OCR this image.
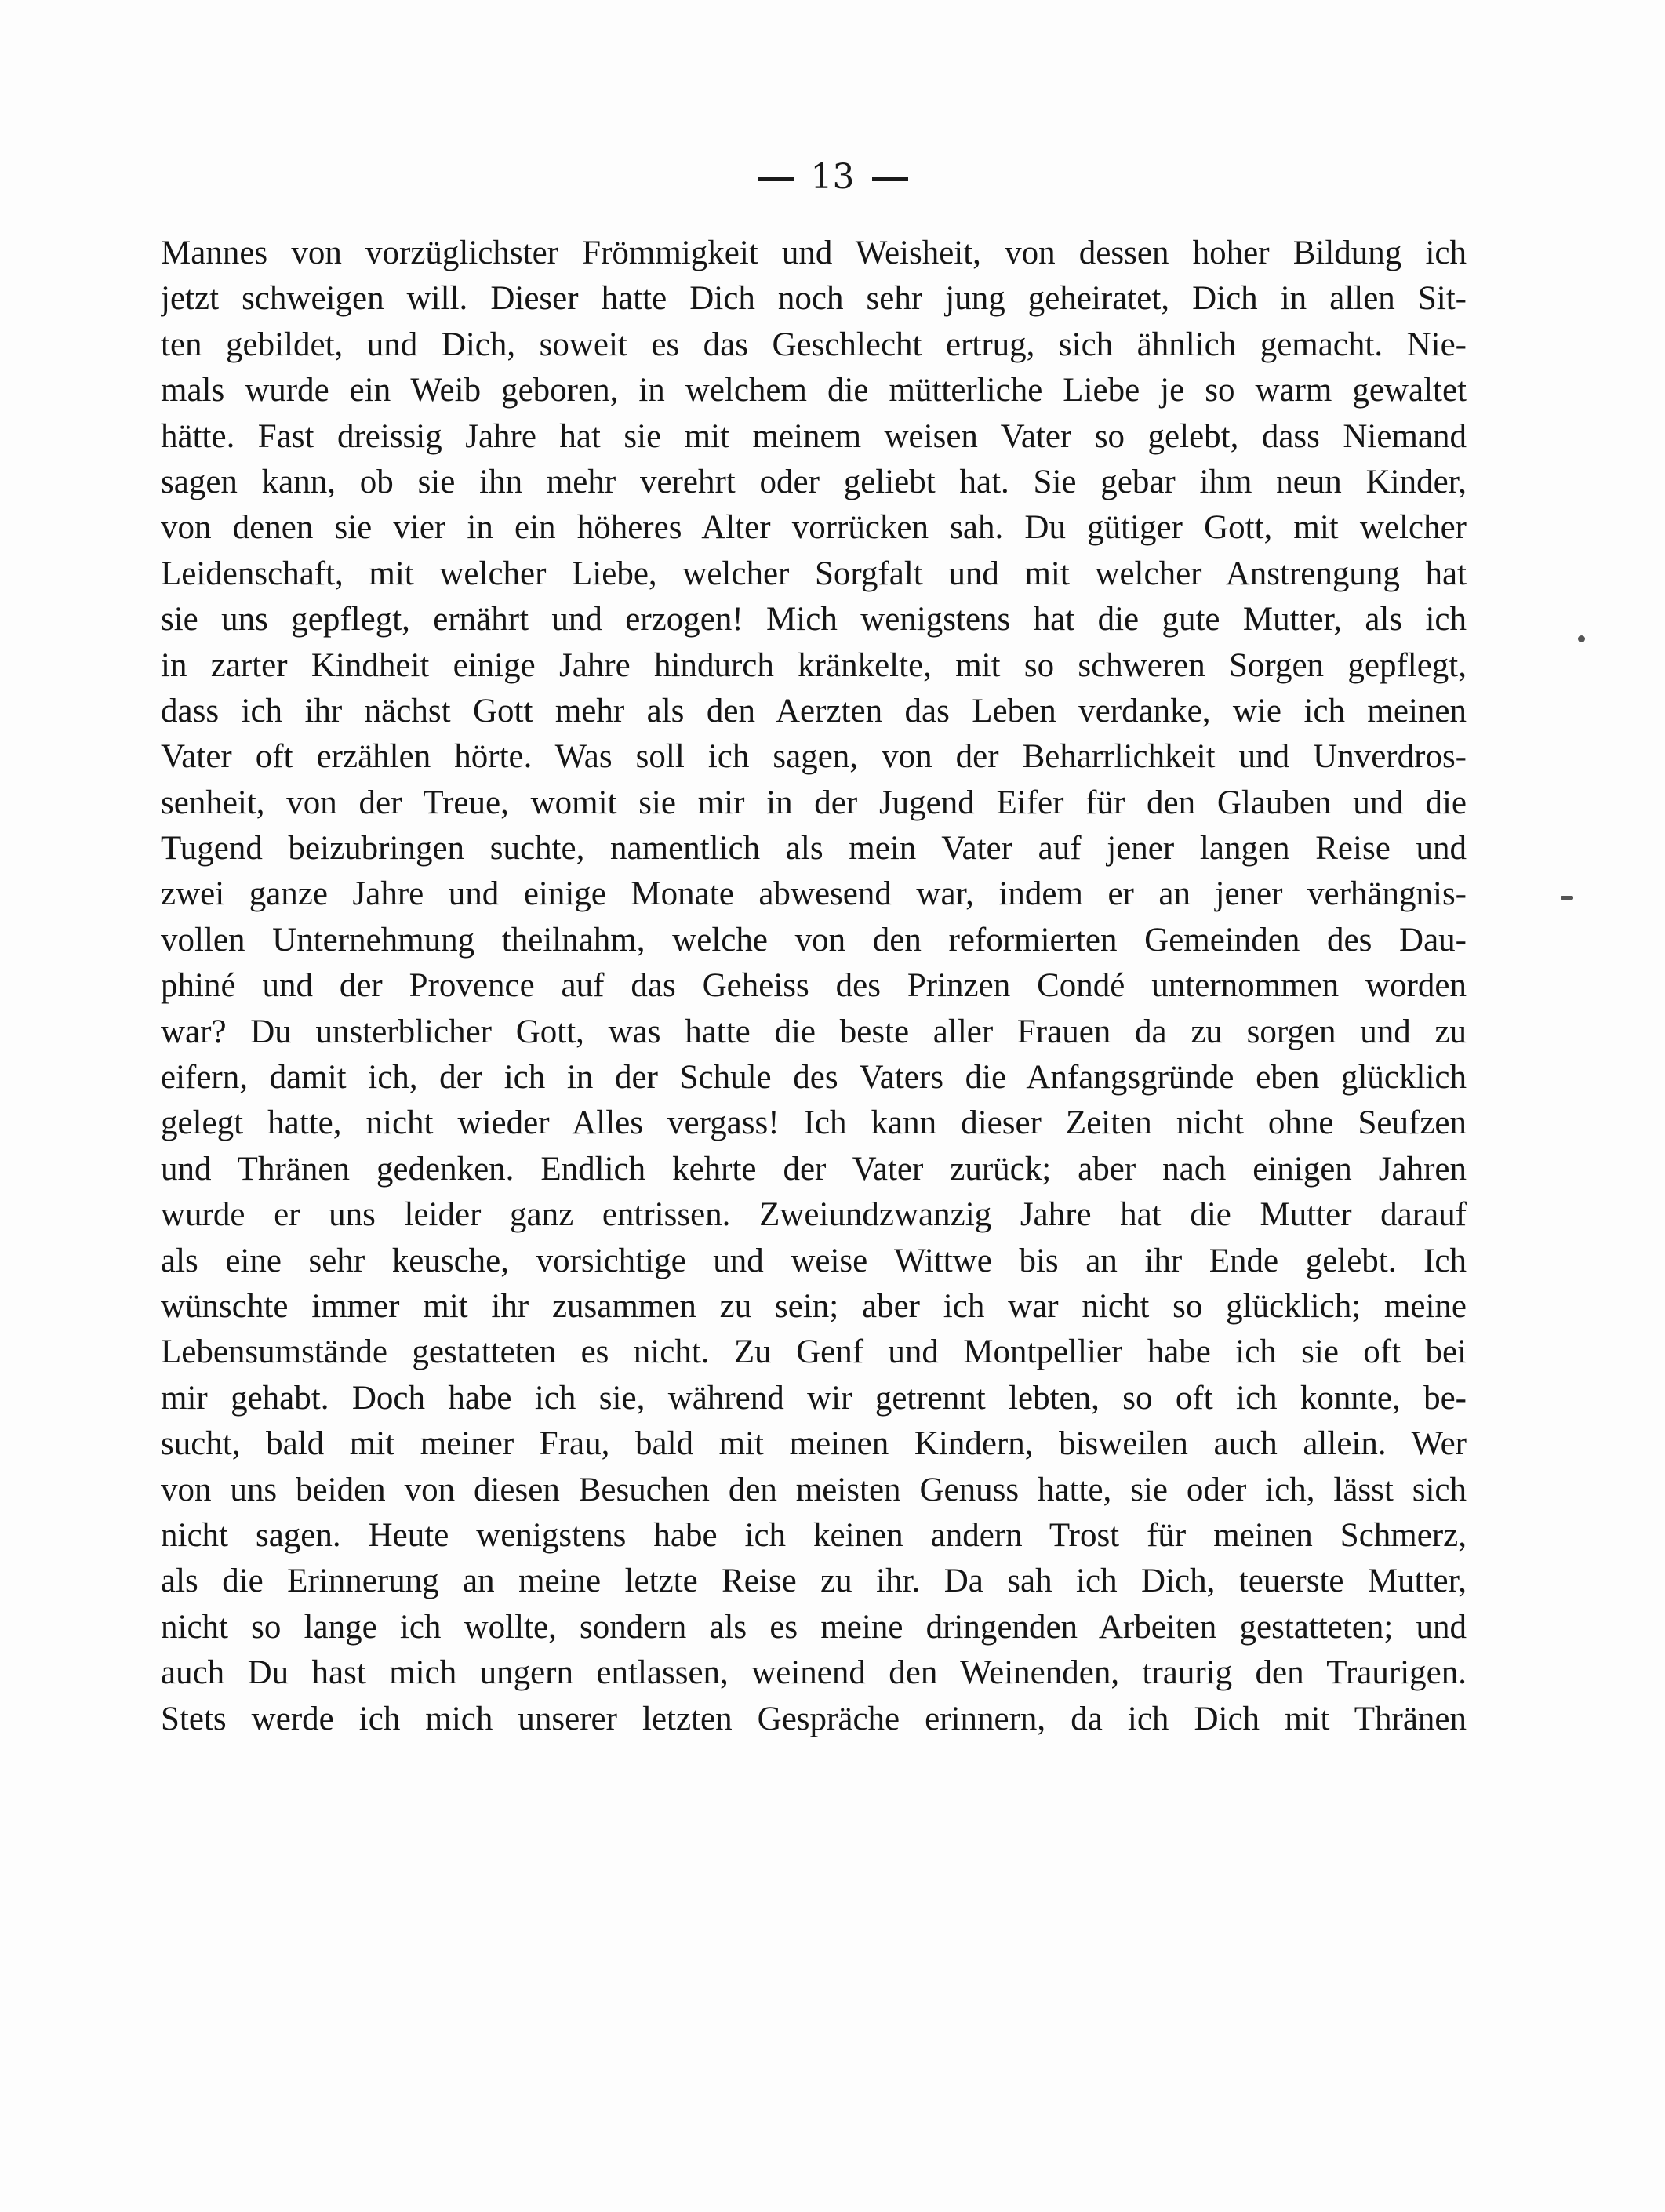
13
Mannes von vorzüglichster Frömmigkeit und Weisheit, von dessen hoher Bildung ich
jetzt schweigen will. Dieser hatte Dich noch sehr jung geheiratet, Dich in allen Sit-
ten gebildet, und Dich, soweit es das Geschlecht ertrug, sich ähnlich gemacht. Nie-
mals wurde ein Weib geboren, in welchem die mütterliche Liebe je so warm gewaltet
hätte. Fast dreissig Jahre hat sie mit meinem weisen Vater so gelebt, dass Niemand
sagen kann, ob sie ihn mehr verehrt oder geliebt hat. Sie gebar ihm neun Kinder,
von denen sie vier in ein höheres Alter vorrücken sah. Du gütiger Gott, mit welcher
Leidenschaft, mit welcher Liebe, welcher Sorgfalt und mit welcher Anstrengung hat
sie uns gepflegt, ernährt und erzogen! Mich wenigstens hat die gute Mutter, als ich
in zarter Kindheit einige Jahre hindurch kränkelte, mit so schweren Sorgen gepflegt,
dass ich ihr nächst Gott mehr als den Aerzten das Leben verdanke, wie ich meinen
Vater oft erzählen hörte. Was soll ich sagen, von der Beharrlichkeit und Unverdros-
senheit, von der Treue, womit sie mir in der Jugend Eifer für den Glauben und die
Tugend beizubringen suchte, namentlich als mein Vater auf jener langen Reise und
zwei ganze Jahre und einige Monate abwesend war, indem er an jener verhängnis-
vollen Unternehmung theilnahm, welche von den reformierten Gemeinden des Dau-
phiné und der Provence auf das Geheiss des Prinzen Condé unternommen worden
war? Du unsterblicher Gott, was hatte die beste aller Frauen da zu sorgen und zu
eifern, damit ich, der ich in der Schule des Vaters die Anfangsgründe eben glücklich
gelegt hatte, nicht wieder Alles vergass! Ich kann dieser Zeiten nicht ohne Seufzen
und Thränen gedenken. Endlich kehrte der Vater zurück; aber nach einigen Jahren
wurde er uns leider ganz entrissen. Zweiundzwanzig Jahre hat die Mutter darauf
als eine sehr keusche, vorsichtige und weise Wittwe bis an ihr Ende gelebt. Ich
wünschte immer mit ihr zusammen zu sein; aber ich war nicht so glücklich; meine
Lebensumstände gestatteten es nicht. Zu Genf und Montpellier habe ich sie oft bei
mir gehabt. Doch habe ich sie, während wir getrennt lebten, so oft ich konnte, be-
sucht, bald mit meiner Frau, bald mit meinen Kindern, bisweilen auch allein. Wer
von uns beiden von diesen Besuchen den meisten Genuss hatte, sie oder ich, lässt sich
nicht sagen. Heute wenigstens habe ich keinen andern Trost für meinen Schmerz,
als die Erinnerung an meine letzte Reise zu ihr. Da sah ich Dich, teuerste Mutter,
nicht so lange ich wollte, sondern als es meine dringenden Arbeiten gestatteten; und
auch Du hast mich ungern entlassen, weinend den Weinenden, traurig den Traurigen.
Stets werde ich mich unserer letzten Gespräche erinnern, da ich Dich mit Thränen
